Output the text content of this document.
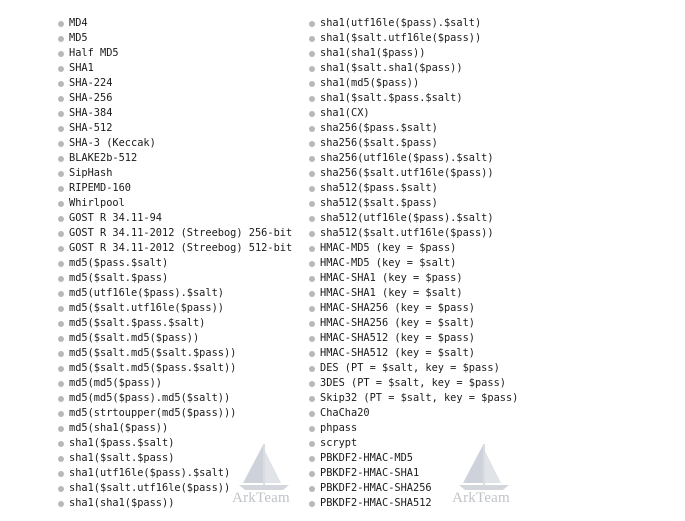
MD4
MD5
Half MD5
SHA1
SHA-224
SHA-256
SHA-384
SHA-512
SHA-3 (Keccak)
BLAKE2b-512
SipHash
RIPEMD-160
Whirlpool
GOST R 34.11-94
GOST R 34.11-2012 (Streebog) 256-bit
GOST R 34.11-2012 (Streebog) 512-bit
md5($pass.$salt)
md5($salt.$pass)
md5(utf16le($pass).$salt)
md5($salt.utf16le($pass))
md5($salt.$pass.$salt)
md5($salt.md5($pass))
md5($salt.md5($salt.$pass))
md5($salt.md5($pass.$salt))
md5(md5($pass))
md5(md5($pass).md5($salt))
md5(strtoupper(md5($pass)))
md5(sha1($pass))
sha1($pass.$salt)
sha1($salt.$pass)
sha1(utf16le($pass).$salt)
sha1($salt.utf16le($pass))
sha1(sha1($pass))
sha1(utf16le($pass).$salt)
sha1($salt.utf16le($pass))
sha1(sha1($pass))
sha1($salt.sha1($pass))
sha1(md5($pass))
sha1($salt.$pass.$salt)
sha1(CX)
sha256($pass.$salt)
sha256($salt.$pass)
sha256(utf16le($pass).$salt)
sha256($salt.utf16le($pass))
sha512($pass.$salt)
sha512($salt.$pass)
sha512(utf16le($pass).$salt)
sha512($salt.utf16le($pass))
HMAC-MD5 (key = $pass)
HMAC-MD5 (key = $salt)
HMAC-SHA1 (key = $pass)
HMAC-SHA1 (key = $salt)
HMAC-SHA256 (key = $pass)
HMAC-SHA256 (key = $salt)
HMAC-SHA512 (key = $pass)
HMAC-SHA512 (key = $salt)
DES (PT = $salt, key = $pass)
3DES (PT = $salt, key = $pass)
Skip32 (PT = $salt, key = $pass)
ChaCha20
phpass
scrypt
PBKDF2-HMAC-MD5
PBKDF2-HMAC-SHA1
PBKDF2-HMAC-SHA256
PBKDF2-HMAC-SHA512
ArkTeam	ArkTeam
